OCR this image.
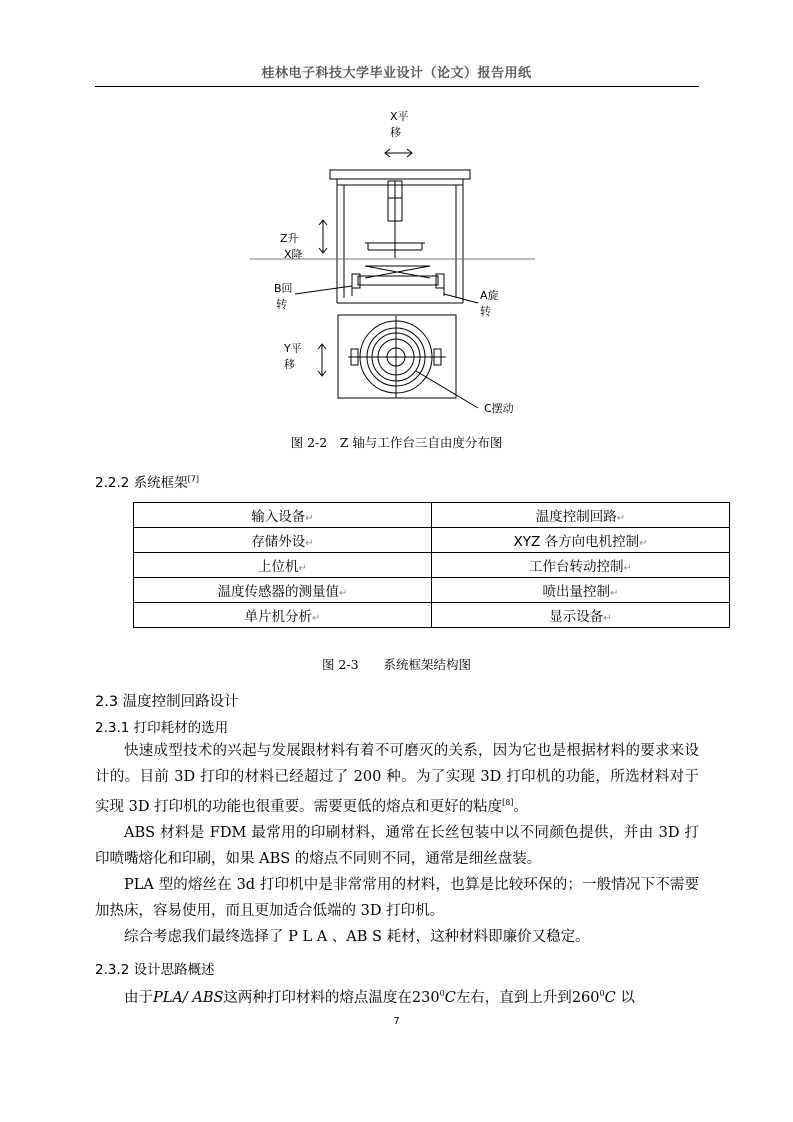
桂林电子科技大学毕业设计（论文）报告用纸
X平
移
Z升
X降
B回
转
A旋
转
Y平
移
C摆动
图 2-2　Z 轴与工作台三自由度分布图
2.2.2 系统框架[7]
输入设备↵	温度控制回路↵
存储外设↵	XYZ 各方向电机控制↵
上位机↵	工作台转动控制↵
温度传感器的测量值↵	喷出量控制↵
单片机分析↵	显示设备↵
图 2-3　　系统框架结构图
2.3 温度控制回路设计
2.3.1 打印耗材的选用

快速成型技术的兴起与发展跟材料有着不可磨灭的关系，因为它也是根据材料的要求来设计的。目前 3D 打印的材料已经超过了 200 种。为了实现 3D 打印机的功能，所选材料对于实现 3D 打印机的功能也很重要。需要更低的熔点和更好的粘度[8]。

ABS 材料是 FDM 最常用的印刷材料，通常在长丝包装中以不同颜色提供，并由 3D 打印喷嘴熔化和印刷，如果 ABS 的熔点不同则不同，通常是细丝盘装。

PLA 型的熔丝在 3d 打印机中是非常常用的材料，也算是比较环保的；一般情况下不需要加热床，容易使用，而且更加适合低端的 3D 打印机。

综合考虑我们最终选择了 P L A 、AB S 耗材，这种材料即廉价又稳定。

2.3.2 设计思路概述

由于PLA/ ABS这两种打印材料的熔点温度在$230^0C$左右，直到上升到$260^0C$ 以

7
